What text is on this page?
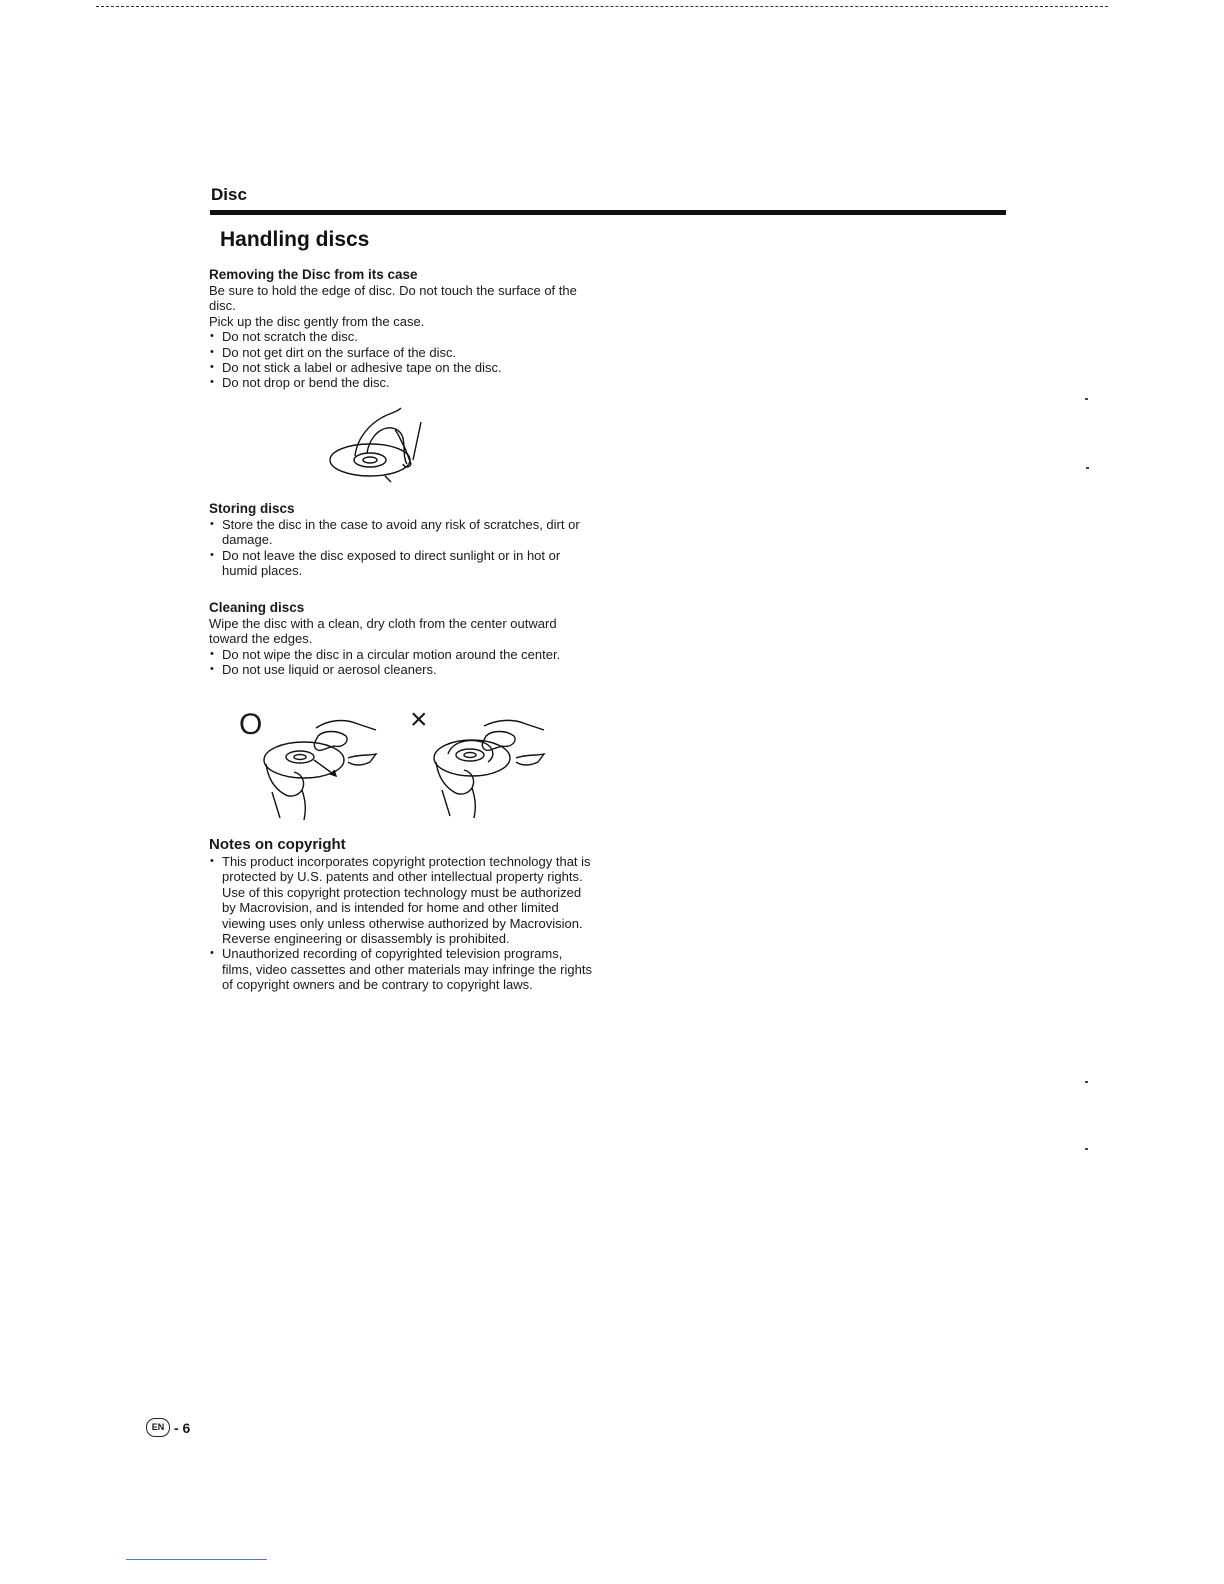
Disc
Handling discs
Removing the Disc from its case

Be sure to hold the edge of disc. Do not touch the surface of the disc.

Pick up the disc gently from the case.

• Do not scratch the disc.
• Do not get dirt on the surface of the disc.
• Do not stick a label or adhesive tape on the disc.
• Do not drop or bend the disc.
Storing discs
• Store the disc in the case to avoid any risk of scratches, dirt or damage.
• Do not leave the disc exposed to direct sunlight or in hot or humid places.
Cleaning discs

Wipe the disc with a clean, dry cloth from the center outward toward the edges.

• Do not wipe the disc in a circular motion around the center.
• Do not use liquid or aerosol cleaners.
O	×
Notes on copyright
• This product incorporates copyright protection technology that is protected by U.S. patents and other intellectual property rights. Use of this copyright protection technology must be authorized by Macrovision, and is intended for home and other limited viewing uses only unless otherwise authorized by Macrovision. Reverse engineering or disassembly is prohibited.
• Unauthorized recording of copyrighted television programs, films, video cassettes and other materials may infringe the rights of copyright owners and be contrary to copyright laws.
EN - 6
